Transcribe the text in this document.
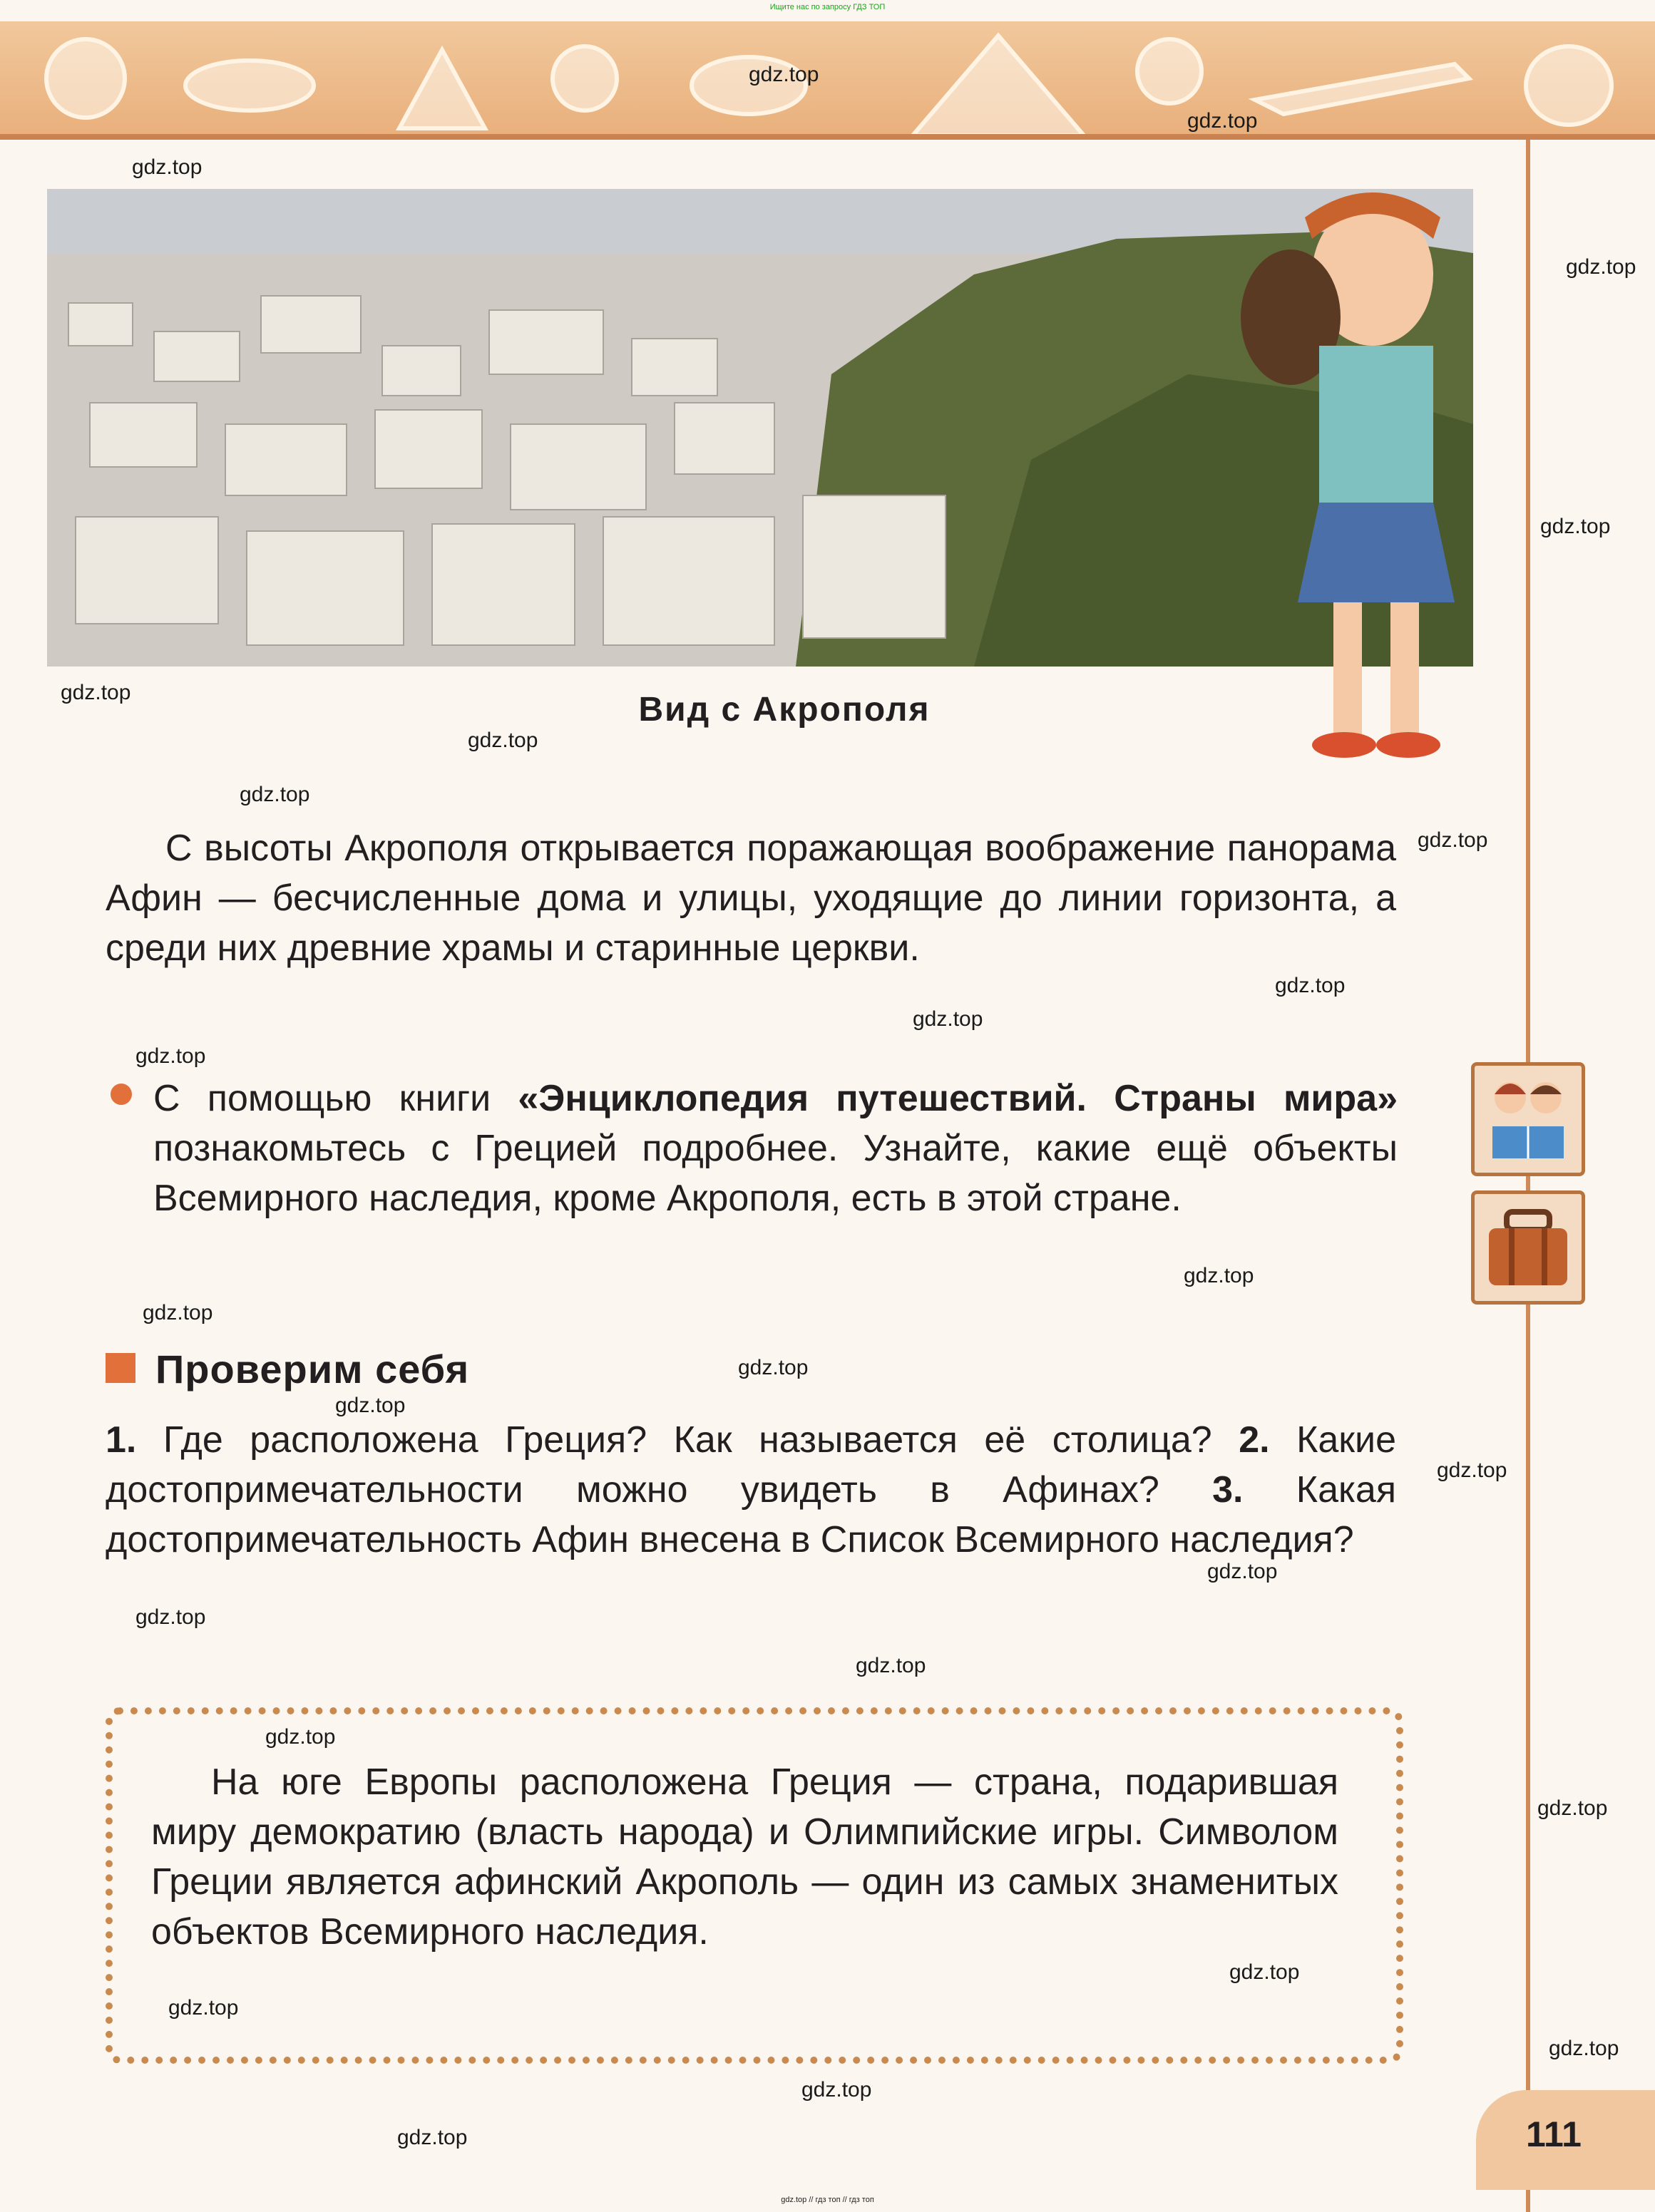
Ищите нас по запросу ГДЗ ТОП
Вид с Акрополя
С высоты Акрополя открывается поражающая воображение панорама Афин — бесчисленные дома и улицы, уходящие до линии горизонта, а среди них древние храмы и старинные церкви.
С помощью книги «Энциклопедия путешествий. Страны мира» познакомьтесь с Грецией подробнее. Узнайте, какие ещё объекты Всемирного наследия, кроме Акрополя, есть в этой стране.
Проверим себя
1. Где расположена Греция? Как называется её столица? 2. Какие достопримечательности можно увидеть в Афинах? 3. Какая достопримечательность Афин внесена в Список Всемирного наследия?
На юге Европы расположена Греция — страна, подарившая миру демократию (власть народа) и Олимпийские игры. Символом Греции является афинский Акрополь — один из самых знаменитых объектов Всемирного наследия.
111
gdz.top
gdz.top
gdz.top
gdz.top
gdz.top
gdz.top
gdz.top
gdz.top
gdz.top
gdz.top
gdz.top
gdz.top
gdz.top
gdz.top
gdz.top
gdz.top
gdz.top
gdz.top
gdz.top
gdz.top
gdz.top
gdz.top
gdz.top
gdz.top
gdz.top
gdz.top
gdz.top
gdz.top // гдз топ // гдз топ
